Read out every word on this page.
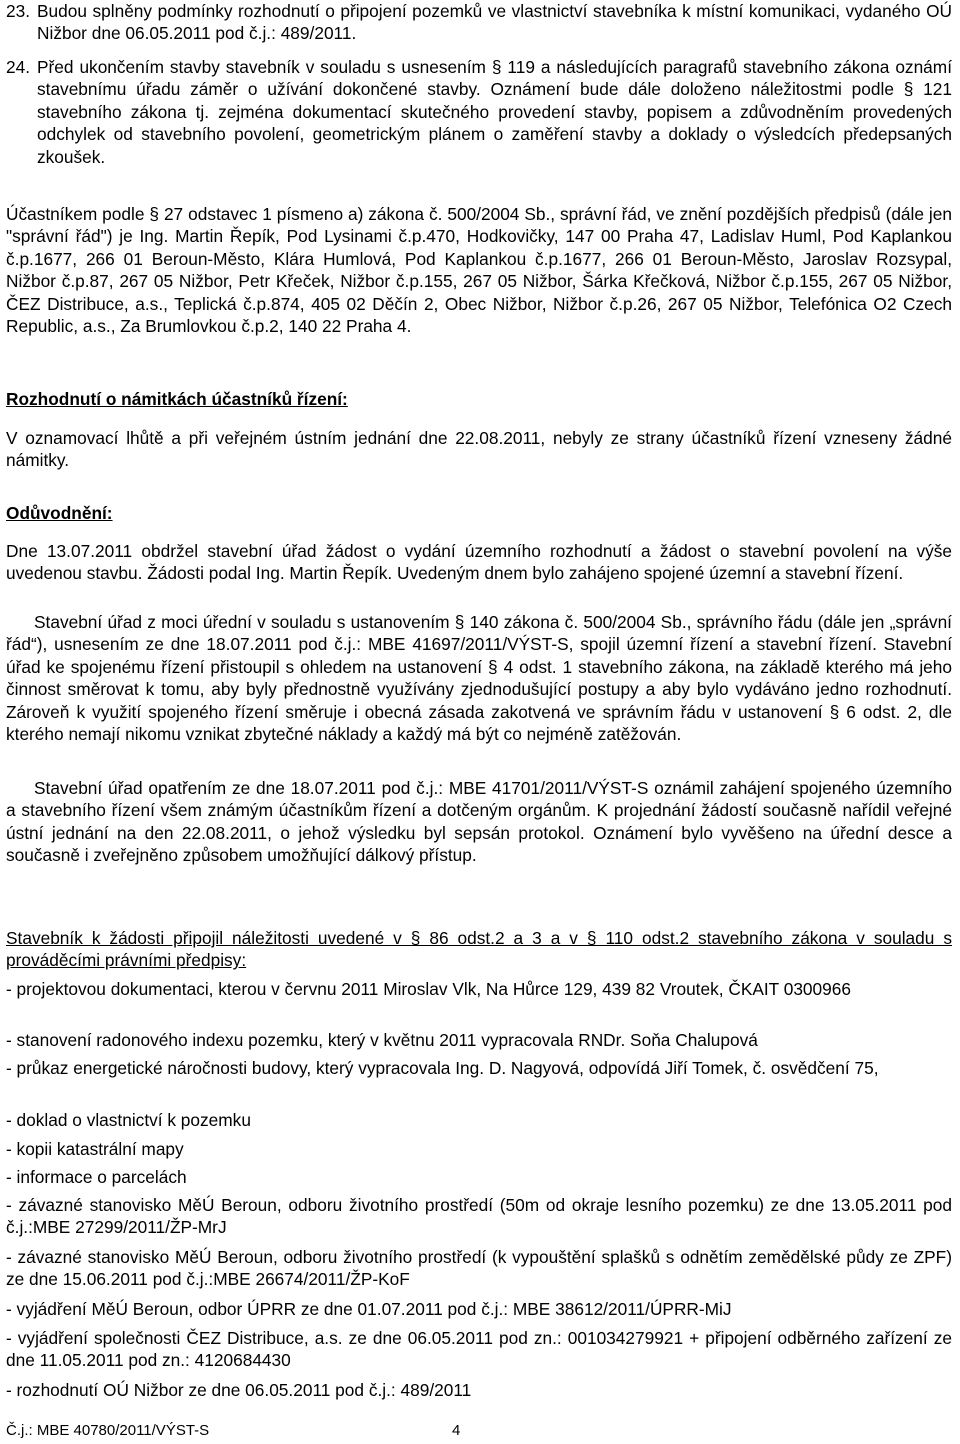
23. Budou splněny podmínky rozhodnutí o připojení pozemků ve vlastnictví stavebníka k místní komunikaci, vydaného OÚ Nižbor dne 06.05.2011 pod č.j.: 489/2011.
24. Před ukončením stavby stavebník v souladu s usnesením § 119 a následujících paragrafů stavebního zákona oznámí stavebnímu úřadu záměr o užívání dokončené stavby. Oznámení bude dále doloženo náležitostmi podle § 121 stavebního zákona tj. zejména dokumentací skutečného provedení stavby, popisem a zdůvodněním provedených odchylek od stavebního povolení, geometrickým plánem o zaměření stavby a doklady o výsledcích předepsaných zkoušek.
Účastníkem podle § 27 odstavec 1 písmeno a) zákona č. 500/2004 Sb., správní řád, ve znění pozdějších předpisů (dále jen "správní řád") je Ing. Martin Řepík, Pod Lysinami č.p.470, Hodkovičky, 147 00 Praha 47, Ladislav Huml, Pod Kaplankou č.p.1677, 266 01 Beroun-Město, Klára Humlová, Pod Kaplankou č.p.1677, 266 01 Beroun-Město, Jaroslav Rozsypal, Nižbor č.p.87, 267 05 Nižbor, Petr Křeček, Nižbor č.p.155, 267 05 Nižbor, Šárka Křečková, Nižbor č.p.155, 267 05 Nižbor, ČEZ Distribuce, a.s., Teplická č.p.874, 405 02 Děčín 2, Obec Nižbor, Nižbor č.p.26, 267 05 Nižbor, Telefónica O2 Czech Republic, a.s., Za Brumlovkou č.p.2, 140 22 Praha 4.
Rozhodnutí o námitkách účastníků řízení:
V oznamovací lhůtě a při veřejném ústním jednání dne 22.08.2011, nebyly ze strany účastníků řízení vzneseny žádné námitky.
Odůvodnění:
Dne 13.07.2011 obdržel stavební úřad žádost o vydání územního rozhodnutí a žádost o stavební povolení na výše uvedenou stavbu. Žádosti podal Ing. Martin Řepík. Uvedeným dnem bylo zahájeno spojené územní a stavební řízení.
Stavební úřad z moci úřední v souladu s ustanovením § 140 zákona č. 500/2004 Sb., správního řádu (dále jen „správní řád“), usnesením ze dne 18.07.2011 pod č.j.: MBE 41697/2011/VÝST-S, spojil územní řízení a stavební řízení. Stavební úřad ke spojenému řízení přistoupil s ohledem na ustanovení § 4 odst. 1 stavebního zákona, na základě kterého má jeho činnost směrovat k tomu, aby byly přednostně využívány zjednodušující postupy a aby bylo vydáváno jedno rozhodnutí. Zároveň k využití spojeného řízení směruje i obecná zásada zakotvená ve správním řádu v ustanovení § 6 odst. 2, dle kterého nemají nikomu vznikat zbytečné náklady a každý má být co nejméně zatěžován.
Stavební úřad opatřením ze dne 18.07.2011 pod č.j.: MBE 41701/2011/VÝST-S oznámil zahájení spojeného územního a stavebního řízení všem známým účastníkům řízení a dotčeným orgánům. K projednání žádostí současně nařídil veřejné ústní jednání na den 22.08.2011, o jehož výsledku byl sepsán protokol. Oznámení bylo vyvěšeno na úřední desce a současně i zveřejněno způsobem umožňující dálkový přístup.
Stavebník k žádosti připojil náležitosti uvedené v § 86 odst.2 a 3 a v § 110 odst.2 stavebního zákona v souladu s prováděcími právními předpisy:
- projektovou dokumentaci, kterou v červnu 2011 Miroslav Vlk, Na Hůrce 129, 439 82 Vroutek, ČKAIT 0300966
- stanovení radonového indexu pozemku, který v květnu 2011 vypracovala RNDr. Soňa Chalupová
- průkaz energetické náročnosti budovy, který vypracovala Ing. D. Nagyová, odpovídá Jiří Tomek, č. osvědčení 75,
- doklad o vlastnictví k pozemku
- kopii katastrální mapy
- informace o parcelách
- závazné stanovisko MěÚ Beroun, odboru životního prostředí (50m od okraje lesního pozemku) ze dne 13.05.2011 pod č.j.:MBE 27299/2011/ŽP-MrJ
- závazné stanovisko MěÚ Beroun, odboru životního prostředí (k vypouštění splašků s odnětím zemědělské půdy ze ZPF) ze dne 15.06.2011 pod č.j.:MBE 26674/2011/ŽP-KoF
- vyjádření MěÚ Beroun, odbor ÚPRR ze dne 01.07.2011 pod č.j.: MBE 38612/2011/ÚPRR-MiJ
- vyjádření společnosti ČEZ Distribuce, a.s. ze dne 06.05.2011 pod zn.: 001034279921 + připojení odběrného zařízení ze dne 11.05.2011 pod zn.: 4120684430
- rozhodnutí OÚ Nižbor ze dne 06.05.2011 pod č.j.: 489/2011
Č.j.: MBE 40780/2011/VÝST-S	4
